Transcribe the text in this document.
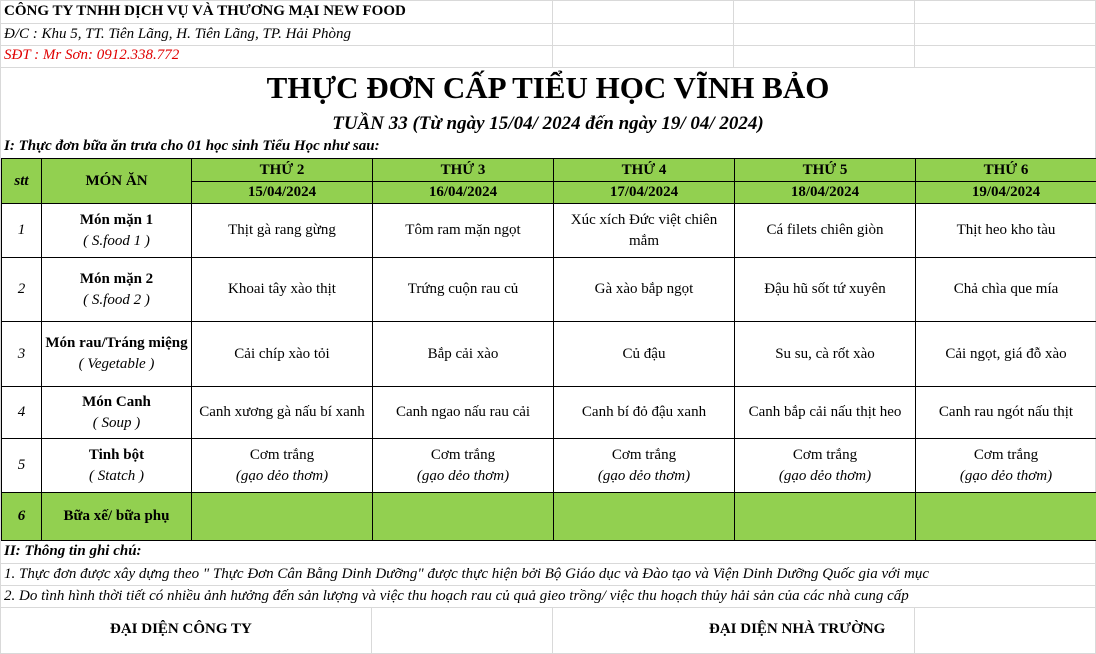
CÔNG TY TNHH DỊCH VỤ VÀ THƯƠNG MẠI NEW FOOD
Đ/C : Khu 5, TT. Tiên Lãng, H. Tiên Lãng, TP. Hải Phòng
SĐT : Mr Sơn: 0912.338.772
THỰC ĐƠN CẤP TIỂU HỌC VĨNH BẢO
TUẦN 33 (Từ ngày 15/04/ 2024 đến ngày 19/ 04/ 2024)
I: Thực đơn bữa ăn trưa cho 01 học sinh Tiểu Học như sau:
stt	MÓN ĂN	THỨ 2	THỨ 3	THỨ 4	THỨ 5	THỨ 6
		15/04/2024	16/04/2024	17/04/2024	18/04/2024	19/04/2024
1	Món mặn 1
( S.food 1 )	Thịt gà rang gừng	Tôm ram mặn ngọt	Xúc xích Đức việt chiên mắm	Cá filets chiên giòn	Thịt heo kho tàu
2	Món mặn 2
( S.food 2 )	Khoai tây xào thịt	Trứng cuộn rau củ	Gà xào bắp ngọt	Đậu hũ sốt tứ xuyên	Chả chìa que mía
3	Món rau/Tráng miệng
( Vegetable )	Cải chíp xào tỏi	Bắp cải xào	Củ đậu	Su su, cà rốt xào	Cải ngọt, giá đỗ xào
4	Món Canh
( Soup )	Canh xương gà nấu bí xanh	Canh ngao nấu rau cải	Canh bí đỏ đậu xanh	Canh bắp cải nấu thịt heo	Canh rau ngót nấu thịt
5	Tinh bột
( Statch )	Cơm trắng
(gạo dẻo thơm)	Cơm trắng
(gạo dẻo thơm)	Cơm trắng
(gạo dẻo thơm)	Cơm trắng
(gạo dẻo thơm)	Cơm trắng
(gạo dẻo thơm)

6	Bữa xế/ bữa phụ					
II: Thông tin ghi chú:
1. Thực đơn được xây dựng theo " Thực Đơn Cân Bằng Dinh Dưỡng" được thực hiện bởi Bộ Giáo dục và Đào tạo và Viện Dinh Dưỡng Quốc gia với mục
2. Do tình hình thời tiết có nhiều ảnh hưởng đến sản lượng và việc thu hoạch rau củ quả gieo trồng/ việc thu hoạch thủy hải sản của các nhà cung cấp
ĐẠI DIỆN CÔNG TY	ĐẠI DIỆN NHÀ TRƯỜNG
